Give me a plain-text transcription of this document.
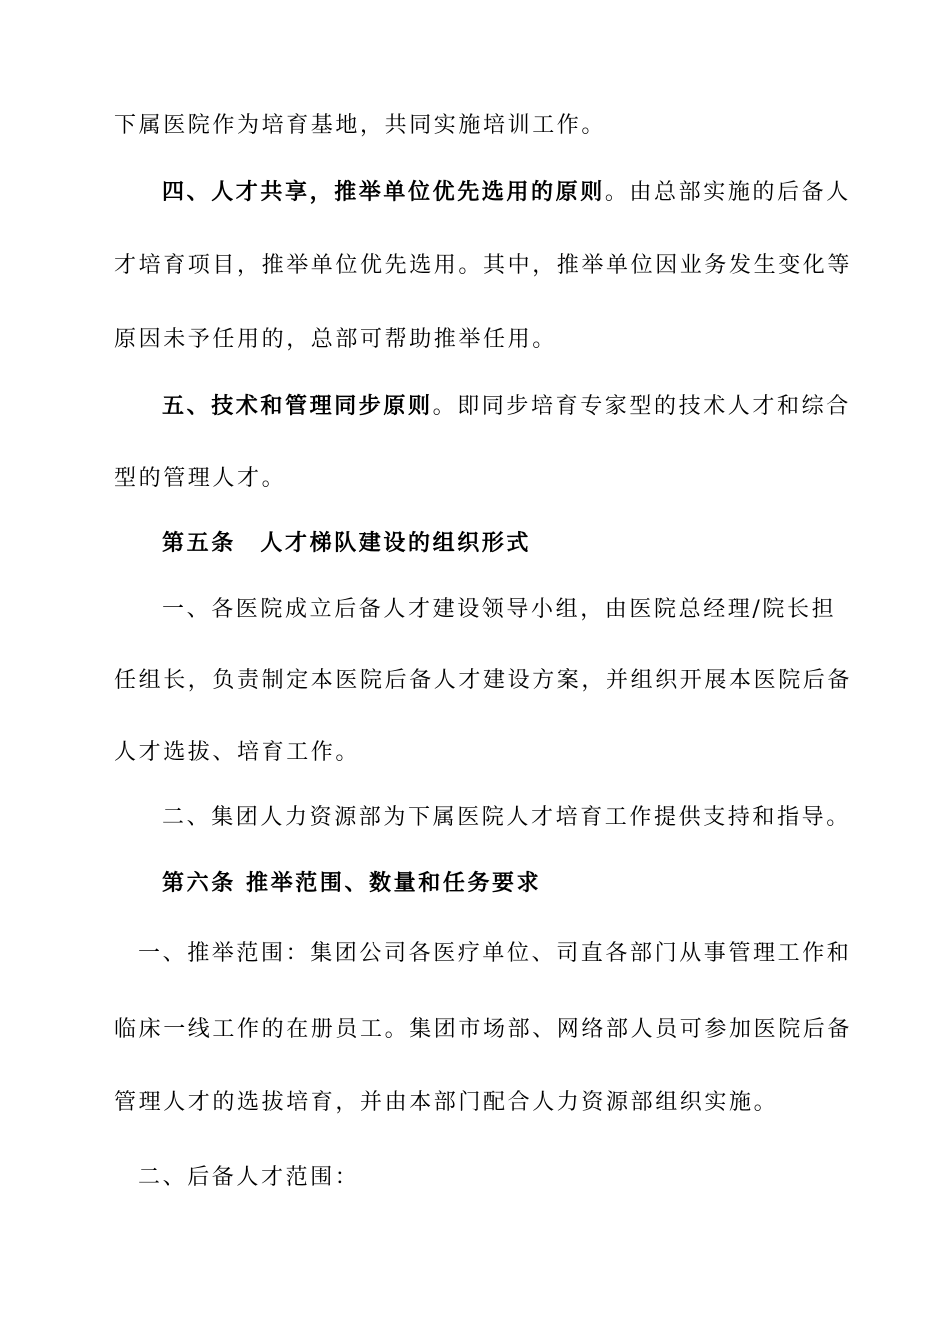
下属医院作为培育基地，共同实施培训工作。
四、人才共享，推举单位优先选用的原则。由总部实施的后备人
才培育项目，推举单位优先选用。其中，推举单位因业务发生变化等
原因未予任用的，总部可帮助推举任用。
五、技术和管理同步原则。即同步培育专家型的技术人才和综合
型的管理人才。
第五条　人才梯队建设的组织形式
一、各医院成立后备人才建设领导小组，由医院总经理/院长担
任组长，负责制定本医院后备人才建设方案，并组织开展本医院后备
人才选拔、培育工作。
二、集团人力资源部为下属医院人才培育工作提供支持和指导。
第六条 推举范围、数量和任务要求
一、推举范围：集团公司各医疗单位、司直各部门从事管理工作和
临床一线工作的在册员工。集团市场部、网络部人员可参加医院后备
管理人才的选拔培育，并由本部门配合人力资源部组织实施。
二、后备人才范围：
